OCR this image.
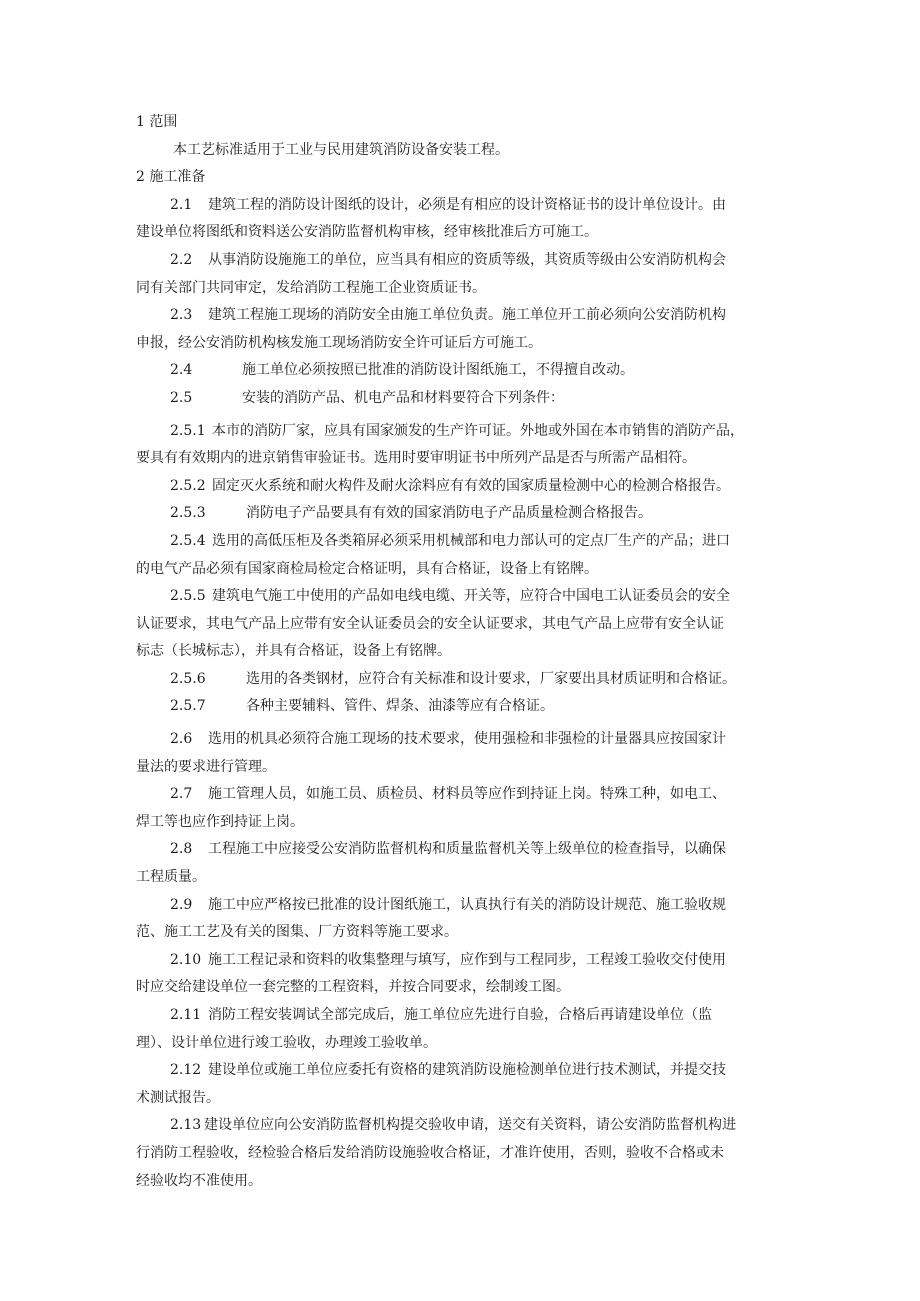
1 范围

本工艺标准适用于工业与民用建筑消防设备安装工程。

2 施工准备

2.1 建筑工程的消防设计图纸的设计，必须是有相应的设计资格证书的设计单位设计。由

建设单位将图纸和资料送公安消防监督机构审核，经审核批准后方可施工。

2.2 从事消防设施施工的单位，应当具有相应的资质等级，其资质等级由公安消防机构会

同有关部门共同审定，发给消防工程施工企业资质证书。

2.3 建筑工程施工现场的消防安全由施工单位负责。施工单位开工前必须向公安消防机构

申报，经公安消防机构核发施工现场消防安全许可证后方可施工。

2.4	施工单位必须按照已批准的消防设计图纸施工，不得擅自改动。

2.5	安装的消防产品、机电产品和材料要符合下列条件：

2.5.1 本市的消防厂家，应具有国家颁发的生产许可证。外地或外国在本市销售的消防产品，

要具有有效期内的进京销售审验证书。选用时要审明证书中所列产品是否与所需产品相符。

2.5.2 固定灭火系统和耐火构件及耐火涂料应有有效的国家质量检测中心的检测合格报告。

2.5.3	消防电子产品要具有有效的国家消防电子产品质量检测合格报告。

2.5.4 选用的高低压柜及各类箱屏必须采用机械部和电力部认可的定点厂生产的产品；进口

的电气产品必须有国家商检局检定合格证明，具有合格证，设备上有铭牌。

2.5.5 建筑电气施工中使用的产品如电线电缆、开关等，应符合中国电工认证委员会的安全

认证要求，其电气产品上应带有安全认证委员会的安全认证要求，其电气产品上应带有安全认证

标志（长城标志），并具有合格证，设备上有铭牌。

2.5.6	选用的各类钢材，应符合有关标准和设计要求，厂家要出具材质证明和合格证。

2.5.7	各种主要辅料、管件、焊条、油漆等应有合格证。

2.6 选用的机具必须符合施工现场的技术要求，使用强检和非强检的计量器具应按国家计

量法的要求进行管理。

2.7 施工管理人员，如施工员、质检员、材料员等应作到持证上岗。特殊工种，如电工、

焊工等也应作到持证上岗。

2.8 工程施工中应接受公安消防监督机构和质量监督机关等上级单位的检查指导，以确保

工程质量。

2.9 施工中应严格按已批准的设计图纸施工，认真执行有关的消防设计规范、施工验收规

范、施工工艺及有关的图集、厂方资料等施工要求。

2.10 施工工程记录和资料的收集整理与填写，应作到与工程同步，工程竣工验收交付使用

时应交给建设单位一套完整的工程资料，并按合同要求，绘制竣工图。

2.11 消防工程安装调试全部完成后，施工单位应先进行自验，合格后再请建设单位（监

理）、设计单位进行竣工验收，办理竣工验收单。

2.12 建设单位或施工单位应委托有资格的建筑消防设施检测单位进行技术测试，并提交技

术测试报告。

2.13 建设单位应向公安消防监督机构提交验收申请，送交有关资料，请公安消防监督机构进

行消防工程验收，经检验合格后发给消防设施验收合格证，才准许使用，否则，验收不合格或未

经验收均不准使用。
